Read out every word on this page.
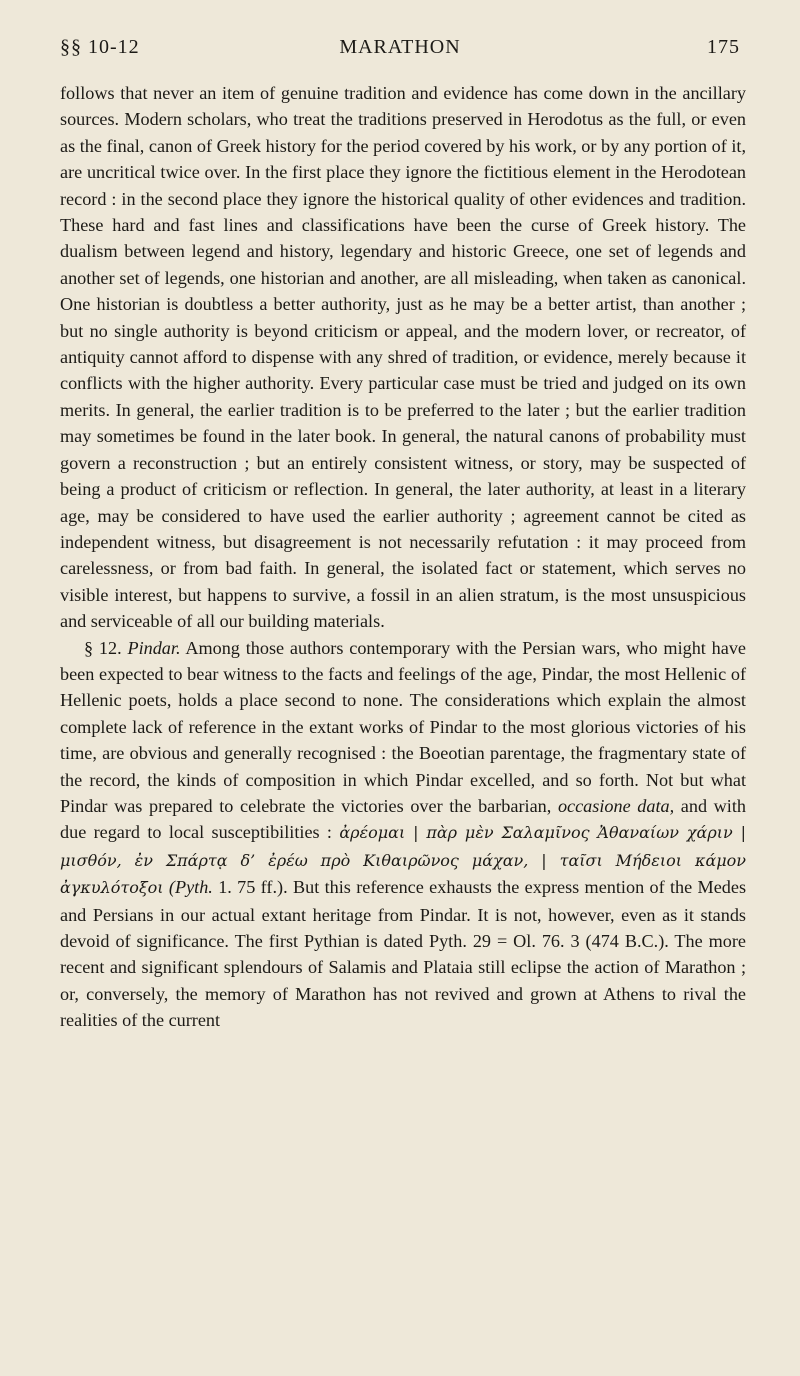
§§ 10-12	MARATHON	175

follows that never an item of genuine tradition and evidence has come down in the ancillary sources. Modern scholars, who treat the traditions preserved in Herodotus as the full, or even as the final, canon of Greek history for the period covered by his work, or by any portion of it, are uncritical twice over. In the first place they ignore the fictitious element in the Herodotean record : in the second place they ignore the historical quality of other evidences and tradition. These hard and fast lines and classifications have been the curse of Greek history. The dualism between legend and history, legendary and historic Greece, one set of legends and another set of legends, one historian and another, are all misleading, when taken as canonical. One historian is doubtless a better authority, just as he may be a better artist, than another ; but no single authority is beyond criticism or appeal, and the modern lover, or recreator, of antiquity cannot afford to dispense with any shred of tradition, or evidence, merely because it conflicts with the higher authority. Every particular case must be tried and judged on its own merits. In general, the earlier tradition is to be preferred to the later ; but the earlier tradition may sometimes be found in the later book. In general, the natural canons of probability must govern a reconstruction ; but an entirely consistent witness, or story, may be suspected of being a product of criticism or reflection. In general, the later authority, at least in a literary age, may be considered to have used the earlier authority ; agreement cannot be cited as independent witness, but disagreement is not necessarily refutation : it may proceed from carelessness, or from bad faith. In general, the isolated fact or statement, which serves no visible interest, but happens to survive, a fossil in an alien stratum, is the most unsuspicious and serviceable of all our building materials.

§ 12. Pindar. Among those authors contemporary with the Persian wars, who might have been expected to bear witness to the facts and feelings of the age, Pindar, the most Hellenic of Hellenic poets, holds a place second to none. The considerations which explain the almost complete lack of reference in the extant works of Pindar to the most glorious victories of his time, are obvious and generally recognised : the Boeotian parentage, the fragmentary state of the record, the kinds of composition in which Pindar excelled, and so forth. Not but what Pindar was prepared to celebrate the victories over the barbarian, occasione data, and with due regard to local susceptibilities : ἀρέομαι | πὰρ μὲν Σαλαμῖνος Ἀθαναίων χάριν | μισθόν, ἐν Σπάρτᾳ δ’ ἐρέω πρὸ Κιθαιρῶνος μάχαν, | ταῖσι Μήδειοι κάμον ἀγκυλότοξοι (Pyth. 1. 75 ff.). But this reference exhausts the express mention of the Medes and Persians in our actual extant heritage from Pindar. It is not, however, even as it stands devoid of significance. The first Pythian is dated Pyth. 29 = Ol. 76. 3 (474 B.C.). The more recent and significant splendours of Salamis and Plataia still eclipse the action of Marathon ; or, conversely, the memory of Marathon has not revived and grown at Athens to rival the realities of the current
